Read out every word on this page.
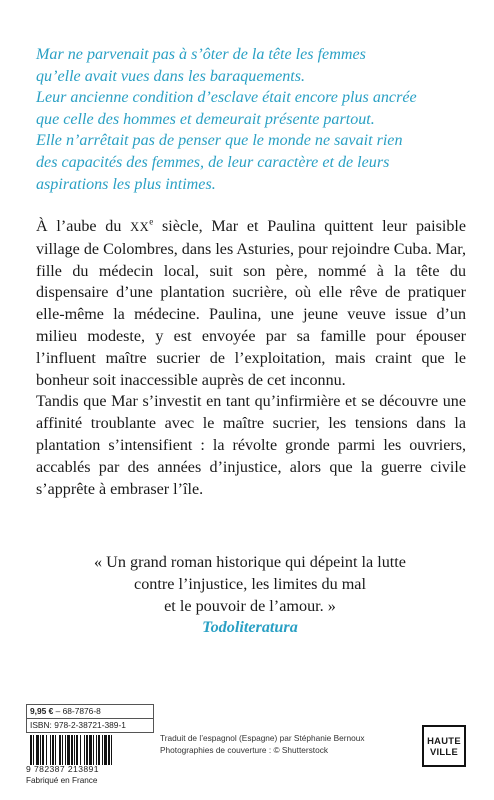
Mar ne parvenait pas à s’ôter de la tête les femmes

qu’elle avait vues dans les baraquements.

Leur ancienne condition d’esclave était encore plus ancrée

que celle des hommes et demeurait présente partout.

Elle n’arrêtait pas de penser que le monde ne savait rien

des capacités des femmes, de leur caractère et de leurs

aspirations les plus intimes.

À l’aube du XXe siècle, Mar et Paulina quittent leur paisible village de Colombres, dans les Asturies, pour rejoindre Cuba. Mar, fille du médecin local, suit son père, nommé à la tête du dispensaire d’une plantation sucrière, où elle rêve de pratiquer elle-même la médecine. Paulina, une jeune veuve issue d’un milieu modeste, y est envoyée par sa famille pour épouser l’influent maître sucrier de l’exploitation, mais craint que le bonheur soit inaccessible auprès de cet inconnu.

Tandis que Mar s’investit en tant qu’infirmière et se découvre une affinité troublante avec le maître sucrier, les tensions dans la plantation s’intensifient : la révolte gronde parmi les ouvriers, accablés par des années d’injustice, alors que la guerre civile s’apprête à embraser l’île.

« Un grand roman historique qui dépeint la lutte

contre l’injustice, les limites du mal

et le pouvoir de l’amour. »

Todoliteratura

9,95 € – 68-7876-8
ISBN: 978-2-38721-389-1
9 782387 213891
Fabriqué en France

Traduit de l’espagnol (Espagne) par Stéphanie Bernoux

Photographies de couverture : © Shutterstock

HAUTE
VILLE
